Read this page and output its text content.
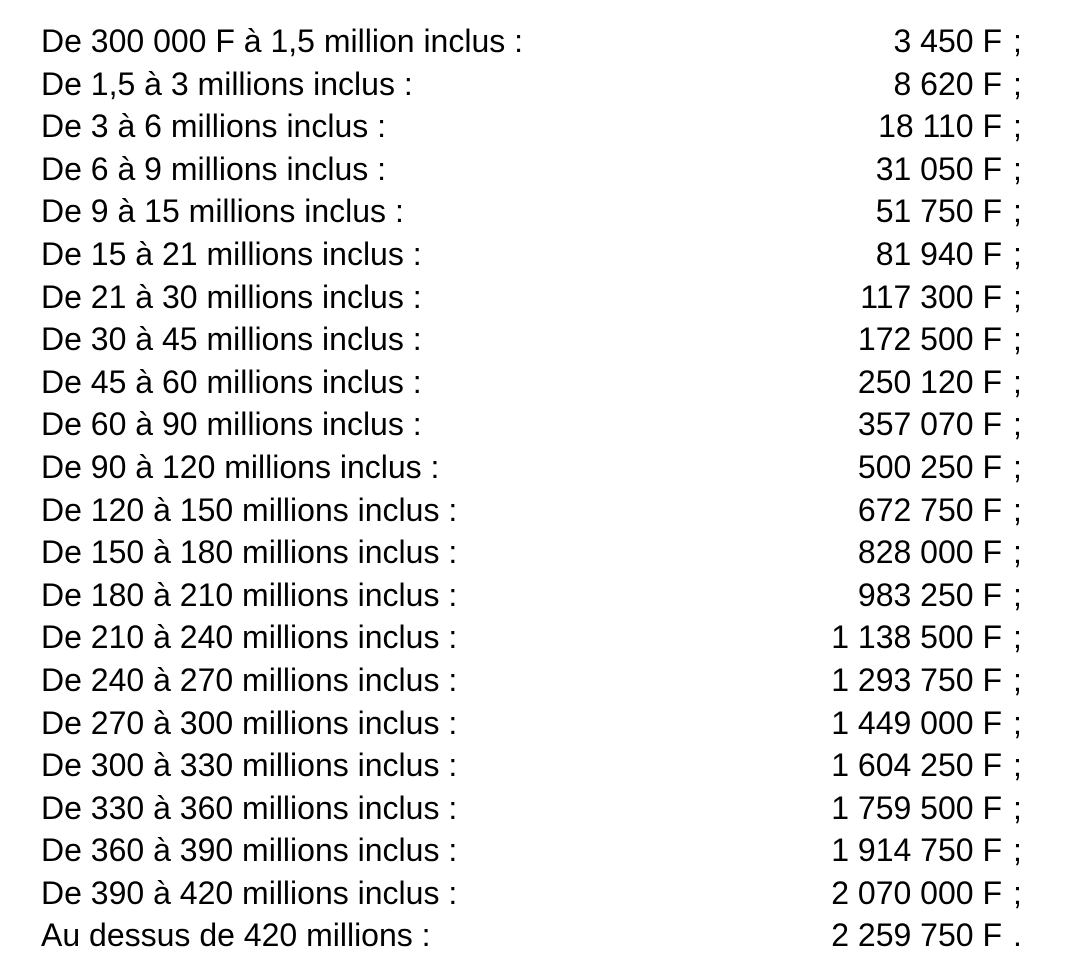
De 300 000 F à 1,5 million inclus :	3 450 F ;
De 1,5 à 3 millions inclus :	8 620 F ;
De 3 à 6 millions inclus :	18 110 F ;
De 6 à 9 millions inclus :	31 050 F ;
De 9 à 15 millions inclus :	51 750 F ;
De 15 à 21 millions inclus :	81 940 F ;
De 21 à 30 millions inclus :	117 300 F ;
De 30 à 45 millions inclus :	172 500 F ;
De 45 à 60 millions inclus :	250 120 F ;
De 60 à 90 millions inclus :	357 070 F ;
De 90 à 120 millions inclus :	500 250 F ;
De 120 à 150 millions inclus :	672 750 F ;
De 150 à 180 millions inclus :	828 000 F ;
De 180 à 210 millions inclus :	983 250 F ;
De 210 à 240 millions inclus :	1 138 500 F ;
De 240 à 270 millions inclus :	1 293 750 F ;
De 270 à 300 millions inclus :	1 449 000 F ;
De 300 à 330 millions inclus :	1 604 250 F ;
De 330 à 360 millions inclus :	1 759 500 F ;
De 360 à 390 millions inclus :	1 914 750 F ;
De 390 à 420 millions inclus :	2 070 000 F ;
Au dessus de 420 millions :	2 259 750 F .
